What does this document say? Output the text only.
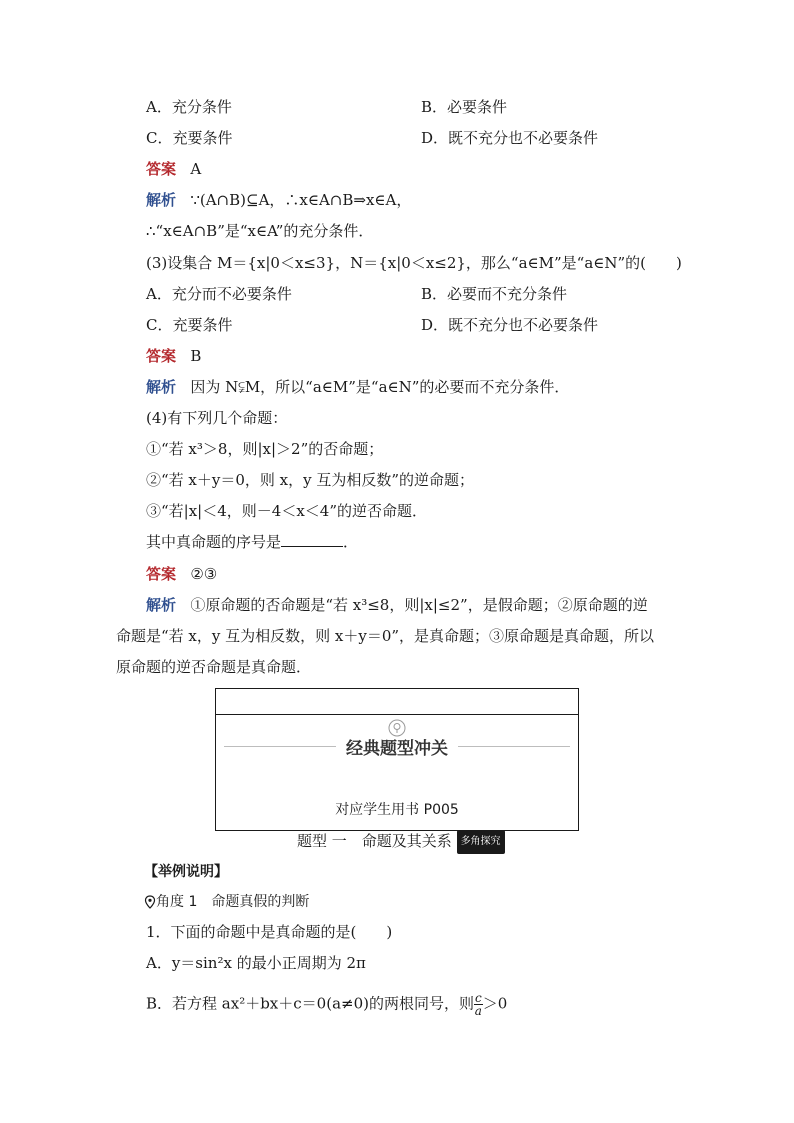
A．充分条件	B．必要条件
C．充要条件	D．既不充分也不必要条件
答案 A
解析 ∵(A∩B)⊆A，∴x∈A∩B⇒x∈A，
∴“x∈A∩B”是“x∈A”的充分条件．
(3)设集合 M＝{x|0＜x≤3}，N＝{x|0＜x≤2}，那么“a∈M”是“a∈N”的(　　)
A．充分而不必要条件	B．必要而不充分条件
C．充要条件	D．既不充分也不必要条件
答案 B
解析 因为 N⫋M，所以“a∈M”是“a∈N”的必要而不充分条件．
(4)有下列几个命题：
①“若 x³＞8，则|x|＞2”的否命题；
②“若 x＋y＝0，则 x，y 互为相反数”的逆命题；
③“若|x|＜4，则－4＜x＜4”的逆否命题．
其中真命题的序号是	．
答案 ②③
解析 ①原命题的否命题是“若 x³≤8，则|x|≤2”，是假命题；②原命题的逆
命题是“若 x，y 互为相反数，则 x＋y＝0”，是真命题；③原命题是真命题，所以
原命题的逆否命题是真命题．
经典题型冲关
对应学生用书 P005
题型 一　命题及其关系 多角探究
【举例说明】
角度 1　命题真假的判断
1．下面的命题中是真命题的是(　　)
A．y＝sin²x 的最小正周期为 2π
B．若方程 ax²＋bx＋c＝0(a≠0)的两根同号，则 $\frac{c}{a} >0$
